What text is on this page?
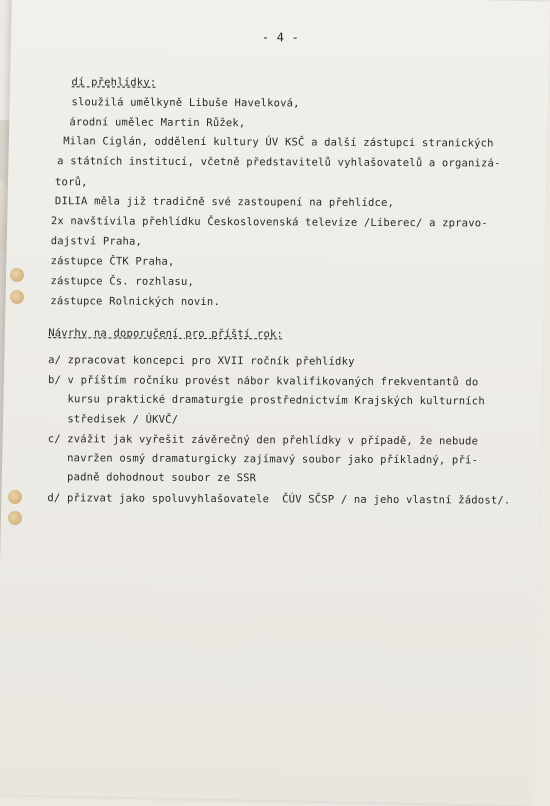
- 4 -
dí přehlídky:
sloužilá umělkyně Libuše Havelková,
árodní umělec Martin Růžek,
Milan Ciglán, oddělení kultury ÚV KSČ a další zástupci stranických
a státních institucí, včetně představitelů vyhlašovatelů a organizá-
torů,
DILIA měla již tradičně své zastoupení na přehlídce,
2x navštívila přehlídku Československá televize /Liberec/ a zpravo-
dajství Praha,
zástupce ČTK Praha,
zástupce Čs. rozhlasu,
zástupce Rolnických novin.
Návrhy na doporučení pro příští rok:
a/ zpracovat koncepci pro XVII ročník přehlídky
b/ v příštím ročníku provést nábor kvalifikovaných frekventantů do
kursu praktické dramaturgie prostřednictvím Krajských kulturních
středisek / ÚKVČ/
c/ zvážit jak vyřešit závěrečný den přehlídky v případě, že nebude
navržen osmý dramaturgicky zajímavý soubor jako příkladný, pří-
padně dohodnout soubor ze SSR
d/ přizvat jako spoluvyhlašovatele  ČÚV SČSP / na jeho vlastní žádost/.
